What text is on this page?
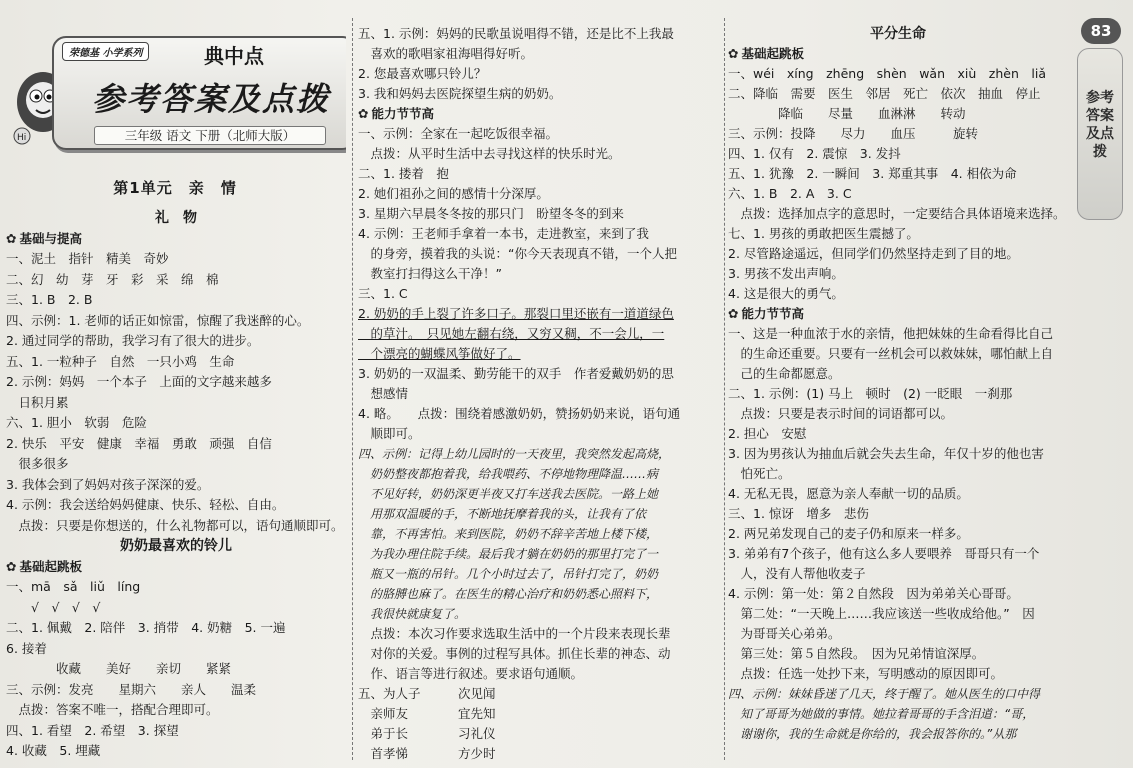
Hi
荣德基 小学系列	典中点
参考答案及点拨
三年级 语文 下册（北师大版）
第1单元　亲　情
礼　物
✿ 基础与提高
一、泥土　指针　精美　奇妙
二、幻　幼　芽　牙　彩　采　绵　棉
三、1. B　2. B
四、示例：1. 老师的话正如惊雷，惊醒了我迷醉的心。
2. 通过同学的帮助，我学习有了很大的进步。
五、1. 一粒种子　自然　一只小鸡　生命
2. 示例：妈妈　一个本子　上面的文字越来越多
　日积月累
六、1. 胆小　软弱　危险
2. 快乐　平安　健康　幸福　勇敢　顽强　自信
　很多很多
3. 我体会到了妈妈对孩子深深的爱。
4. 示例：我会送给妈妈健康、快乐、轻松、自由。
　点拨：只要是你想送的，什么礼物都可以，语句通顺即可。
奶奶最喜欢的铃儿
✿ 基础起跳板
一、mā　sǎ　liǔ　líng
　　√　√　√　√
二、1. 佩戴　2. 陪伴　3. 捎带　4. 奶糖　5. 一遍
6. 接着
　　　　收藏　　美好　　亲切　　紧紧
三、示例：发亮　　星期六　　亲人　　温柔
　点拨：答案不唯一，搭配合理即可。
四、1. 看望　2. 希望　3. 探望
4. 收藏　5. 埋藏
五、1. 示例：妈妈的民歌虽说唱得不错，还是比不上我最
　喜欢的歌唱家祖海唱得好听。
2. 您最喜欢哪只铃儿？
3. 我和妈妈去医院探望生病的奶奶。
✿ 能力节节高
一、示例：全家在一起吃饭很幸福。
　点拨：从平时生活中去寻找这样的快乐时光。
二、1. 搂着　抱
2. 她们祖孙之间的感情十分深厚。
3. 星期六早晨冬冬按的那只门　盼望冬冬的到来
4. 示例：王老师手拿着一本书，走进教室，来到了我
　的身旁，摸着我的头说：“你今天表现真不错，一个人把
　教室打扫得这么干净！”
三、1. C
2. 奶奶的手上裂了许多口子。那裂口里还嵌有一道道绿色
　的草汁。　只见她左翻右绕，又穷又稠，不一会儿，一
　个漂亮的蝴蝶风筝做好了。
3. 奶奶的一双温柔、勤劳能干的双手　作者爱戴奶奶的思
　想感情
4. 略。　　点拨：围绕着感激奶奶，赞扬奶奶来说，语句通
　顺即可。
四、示例：记得上幼儿园时的一天夜里，我突然发起高烧，
　奶奶整夜都抱着我，给我喂药、不停地物理降温……病
　不见好转，奶奶深更半夜又打车送我去医院。一路上她
　用那双温暖的手，不断地抚摩着我的头，让我有了依
　靠，不再害怕。来到医院，奶奶不辞辛苦地上楼下楼，
　为我办理住院手续。最后我才躺在奶奶的那里打完了一
　瓶又一瓶的吊针。几个小时过去了，吊针打完了，奶奶
　的胳膊也麻了。在医生的精心治疗和奶奶悉心照料下，
　我很快就康复了。
　点拨：本次习作要求选取生活中的一个片段来表现长辈
　对你的关爱。事例的过程写具体。抓住长辈的神态、动
　作、语言等进行叙述。要求语句通顺。
五、为人子　　　次见闻
　亲师友　　　　宜先知
　弟于长　　　　习礼仪
　首孝悌　　　　方少时
平分生命
✿ 基础起跳板
一、wéi　xíng　zhēng　shèn　wǎn　xiù　zhèn　liǎ
二、降临　需要　医生　邻居　死亡　依次　抽血　停止
　　　　降临　　尽量　　血淋淋　　转动
三、示例：投降　　尽力　　血压　　　旋转
四、1. 仅有　2. 震惊　3. 发抖
五、1. 犹豫　2. 一瞬间　3. 郑重其事　4. 相依为命
六、1. B　2. A　3. C
　点拨：选择加点字的意思时，一定要结合具体语境来选择。
七、1. 男孩的勇敢把医生震撼了。
2. 尽管路途遥远，但同学们仍然坚持走到了目的地。
3. 男孩不发出声响。
4. 这是很大的勇气。
✿ 能力节节高
一、这是一种血浓于水的亲情，他把妹妹的生命看得比自己
　的生命还重要。只要有一丝机会可以救妹妹，哪怕献上自
　己的生命都愿意。
二、1. 示例：(1) 马上　顿时　(2) 一眨眼　一刹那
　点拨：只要是表示时间的词语都可以。
2. 担心　安慰
3. 因为男孩认为抽血后就会失去生命，年仅十岁的他也害
　怕死亡。
4. 无私无畏，愿意为亲人奉献一切的品质。
三、1. 惊讶　增多　悲伤
2. 两兄弟发现自己的麦子仍和原来一样多。
3. 弟弟有7个孩子，他有这么多人要喂养　哥哥只有一个
　人，没有人帮他收麦子
4. 示例：第一处：第２自然段　因为弟弟关心哥哥。
　第二处：“一天晚上……我应该送一些收成给他。”　因
　为哥哥关心弟弟。
　第三处：第５自然段。　因为兄弟情谊深厚。
　点拨：任选一处抄下来，写明感动的原因即可。
四、示例：妹妹昏迷了几天，终于醒了。她从医生的口中得
　知了哥哥为她做的事情。她拉着哥哥的手含泪道：“哥，
　谢谢你，我的生命就是你给的，我会报答你的。”从那
83
参考答案及点拨
